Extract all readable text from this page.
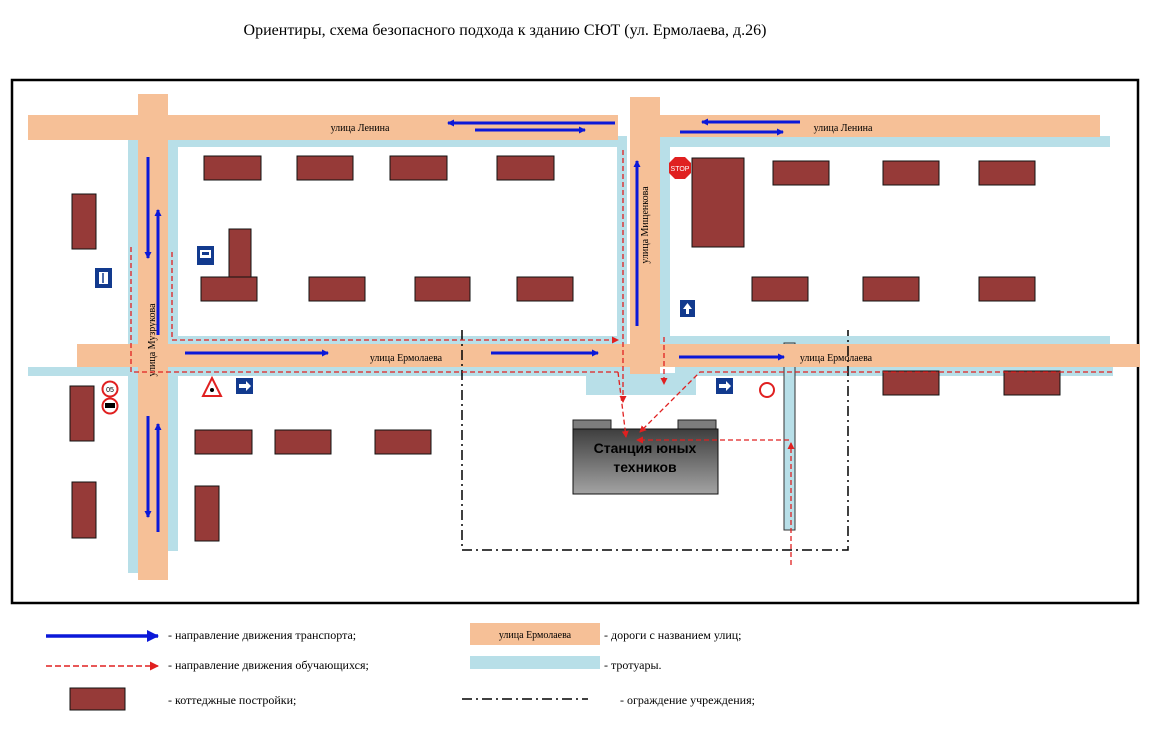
Ориентиры, схема безопасного подхода к зданию СЮТ (ул. Ермолаева, д.26)
Станция юных
техников
улица Ленина	улица Ленина
улица Ермолаева	улица Ермолаева
улица Музрукова
улица Мищенкова
STOP
05
улица Ермолаева
- направление движения транспорта;
- направление движения обучающихся;
- коттеджные постройки;
- дороги с названием улиц;
- тротуары.
- ограждение учреждения;
